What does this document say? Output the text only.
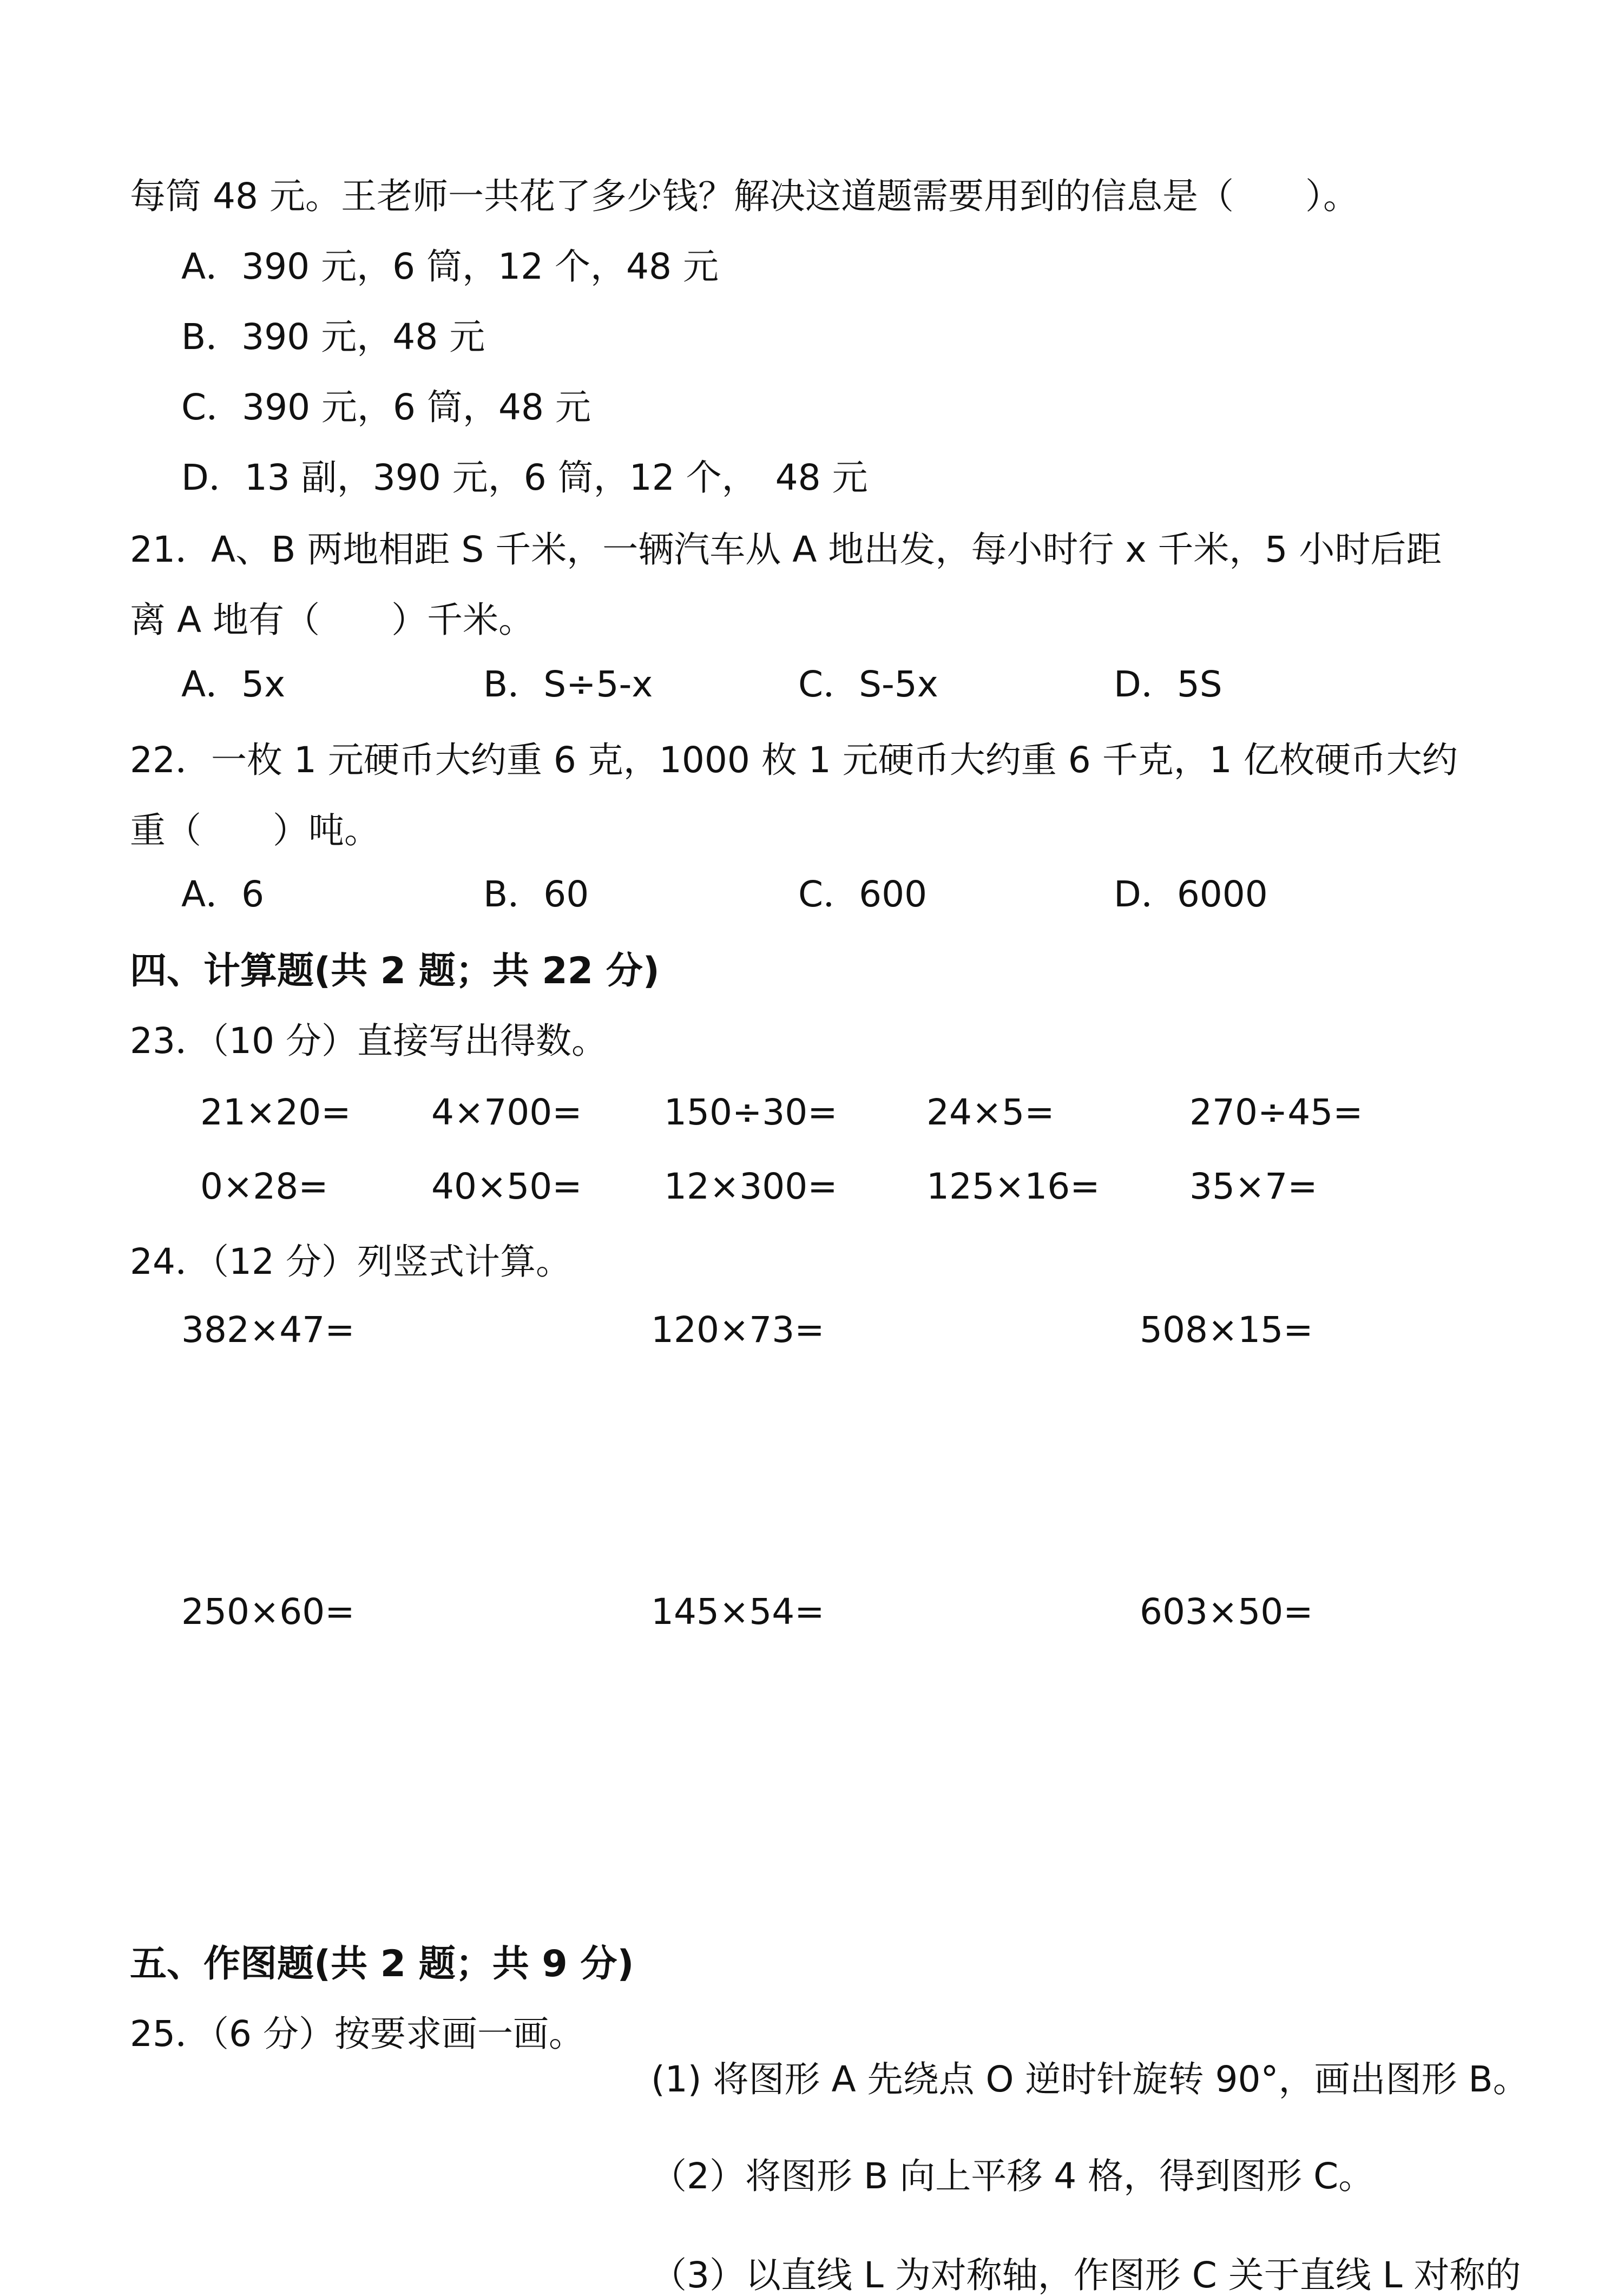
每筒 48 元。王老师一共花了多少钱？解决这道题需要用到的信息是（　　）。
A．390 元，6 筒，12 个，48 元
B．390 元，48 元
C．390 元，6 筒，48 元
D．13 副，390 元，6 筒，12 个，　48 元
21．A、B 两地相距 S 千米，一辆汽车从 A 地出发，每小时行 x 千米，5 小时后距
离 A 地有（　　）千米。
A．5x	B．S÷5-x	C．S-5x	D．5S
22．一枚 1 元硬币大约重 6 克，1000 枚 1 元硬币大约重 6 千克，1 亿枚硬币大约
重（　　）吨。
A．6	B．60	C．600	D．6000
四、计算题(共 2 题；共 22 分)
23．（10 分）直接写出得数。
21×20= 4×700= 150÷30= 24×5=	270÷45=
0×28=	40×50= 12×300= 125×16=	35×7=
24．（12 分）列竖式计算。
382×47=	120×73=	508×15=
250×60=	145×54=	603×50=
五、作图题(共 2 题；共 9 分)
25．（6 分）按要求画一画。
(1) 将图形 A 先绕点 O 逆时针旋转 90°，画出图形 B。
（2）将图形 B 向上平移 4 格，得到图形 C。
（3）以直线 L 为对称轴，作图形 C 关于直线 L 对称的
